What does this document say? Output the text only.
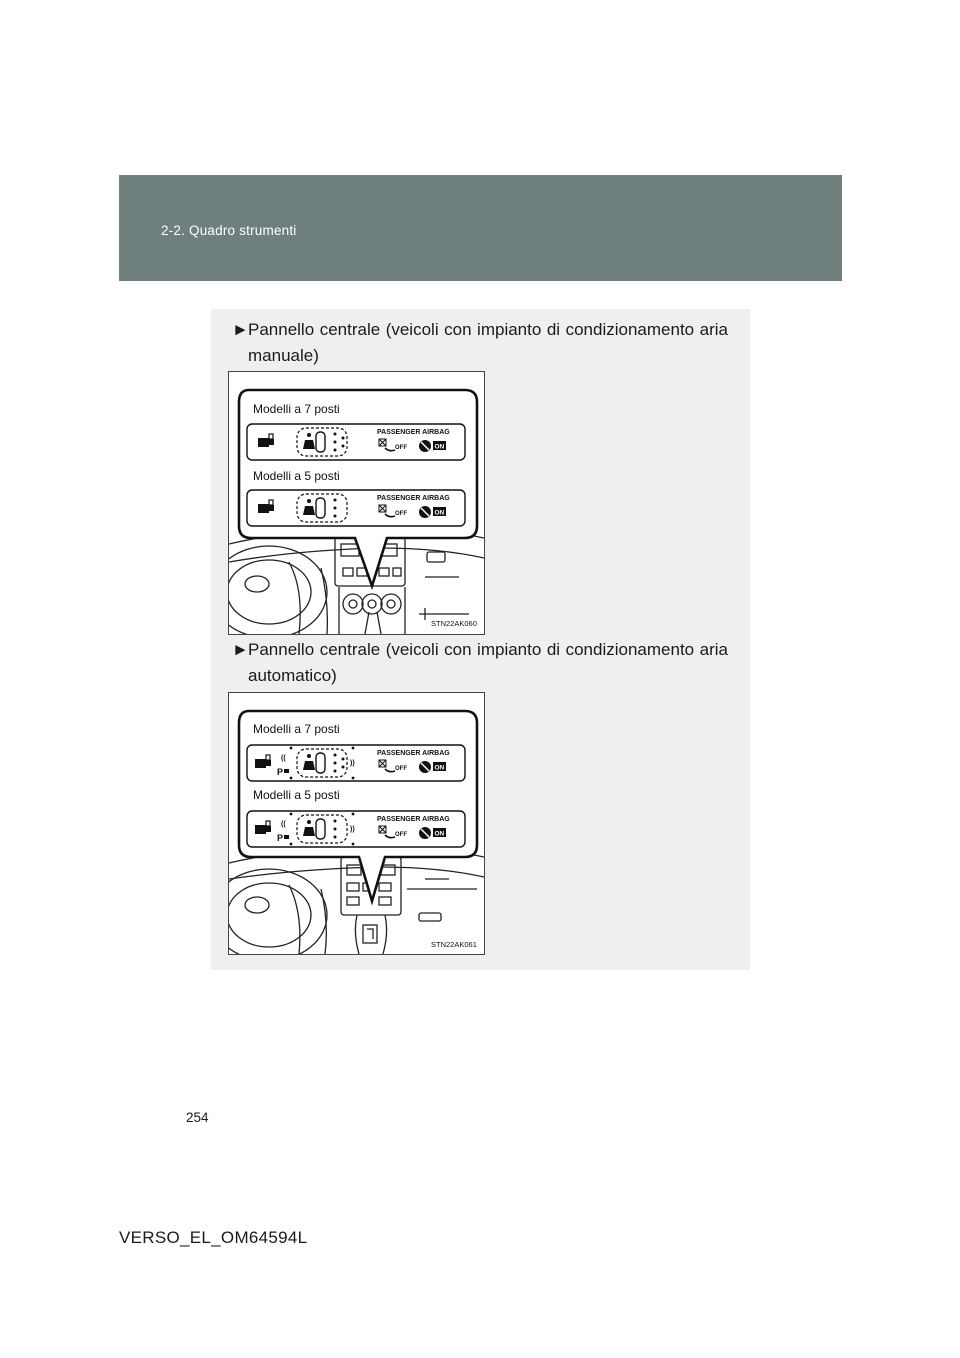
2-2. Quadro strumenti
► Pannello centrale (veicoli con impianto di condizionamento aria manuale)
Modelli a 7 posti
PASSENGER AIRBAG
OFF	ON
Modelli a 5 posti
PASSENGER AIRBAG
OFF	ON
STN22AK060
► Pannello centrale (veicoli con impianto di condizionamento aria automatico)
Modelli a 7 posti
((
P
))
PASSENGER AIRBAG
OFF	ON
Modelli a 5 posti
((
P
))
PASSENGER AIRBAG
OFF	ON
STN22AK061
254
VERSO_EL_OM64594L
